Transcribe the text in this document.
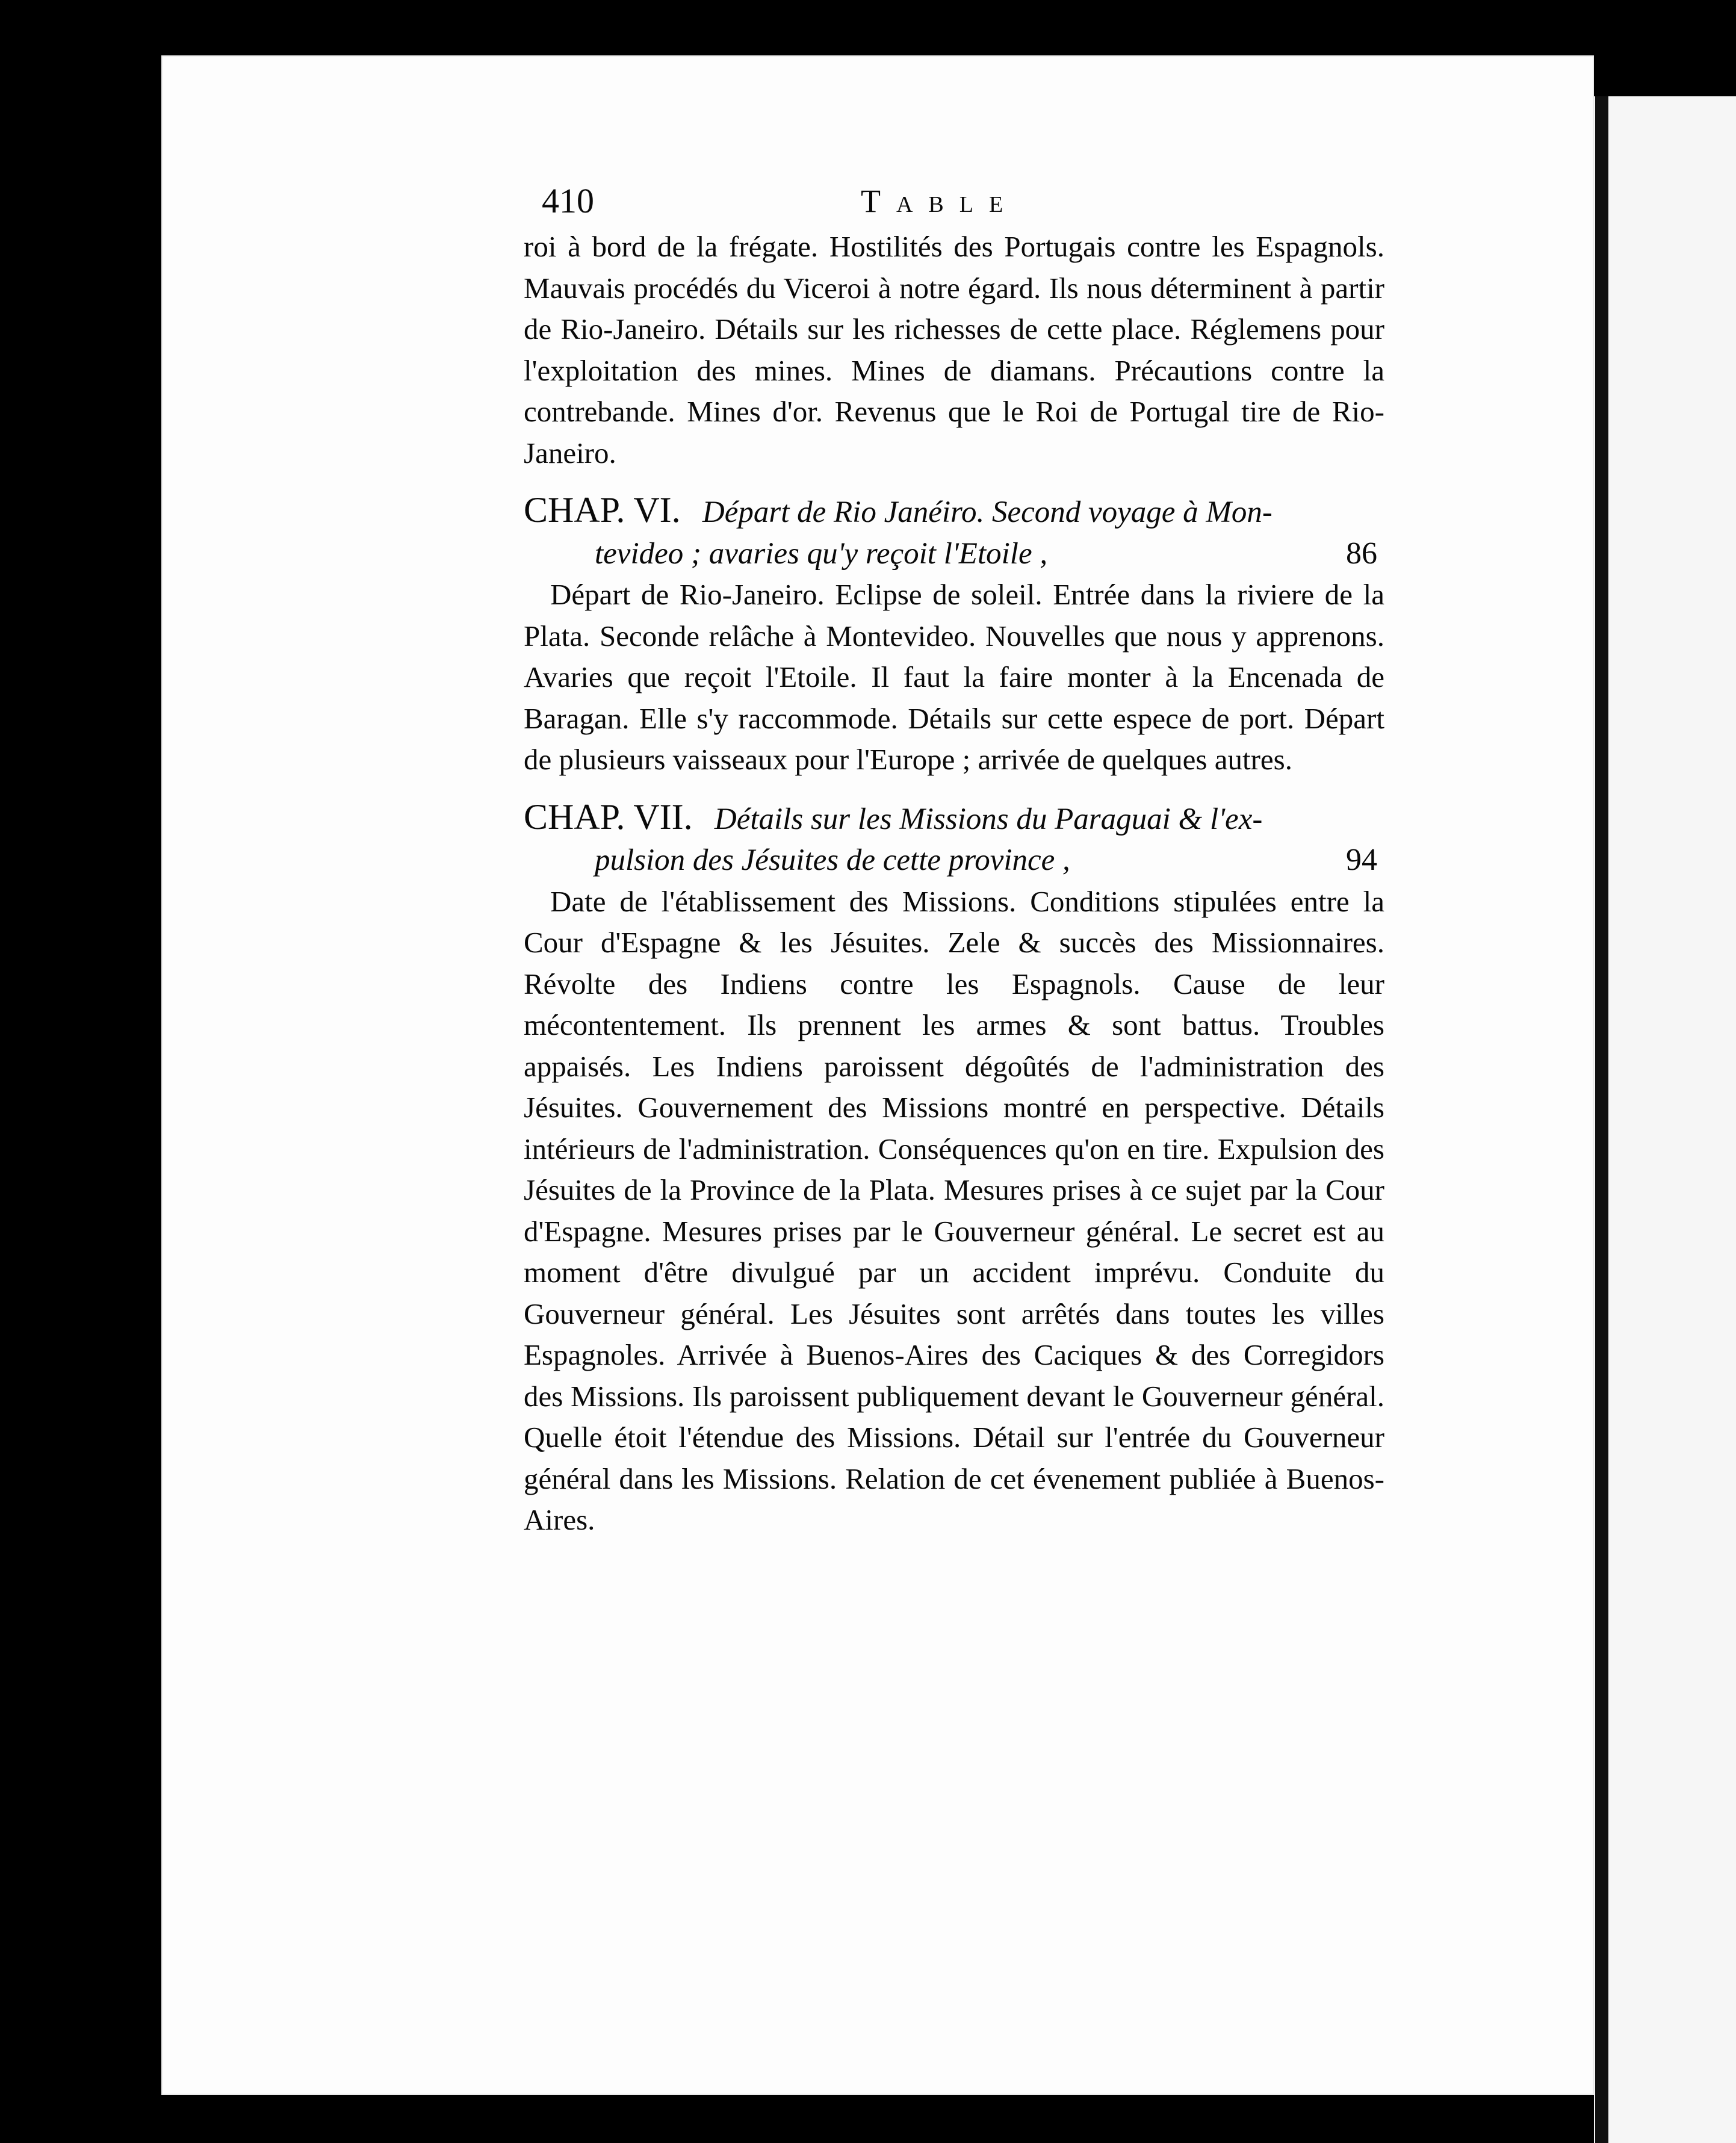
410	Table

roi à bord de la frégate. Hostilités des Portugais contre les Espagnols. Mauvais procédés du Viceroi à notre égard. Ils nous déterminent à partir de Rio-Janeiro. Détails sur les richesses de cette place. Réglemens pour l'exploitation des mines. Mines de diamans. Précautions contre la contrebande. Mines d'or. Revenus que le Roi de Portugal tire de Rio-Janeiro.

CHAP. VI. Départ de Rio Janéiro. Second voyage à Mon-

tevideo ; avaries qu'y reçoit l'Etoile ,	86

Départ de Rio-Janeiro. Eclipse de soleil. Entrée dans la riviere de la Plata. Seconde relâche à Montevideo. Nouvelles que nous y apprenons. Avaries que reçoit l'Etoile. Il faut la faire monter à la Encenada de Baragan. Elle s'y raccommode. Détails sur cette espece de port. Départ de plusieurs vaisseaux pour l'Europe ; arrivée de quelques autres.

CHAP. VII. Détails sur les Missions du Paraguai & l'ex-

pulsion des Jésuites de cette province ,	94

Date de l'établissement des Missions. Conditions stipulées entre la Cour d'Espagne & les Jésuites. Zele & succès des Missionnaires. Révolte des Indiens contre les Espagnols. Cause de leur mécontentement. Ils prennent les armes & sont battus. Troubles appaisés. Les Indiens paroissent dégoûtés de l'administration des Jésuites. Gouvernement des Missions montré en perspective. Détails intérieurs de l'administration. Conséquences qu'on en tire. Expulsion des Jésuites de la Province de la Plata. Mesures prises à ce sujet par la Cour d'Espagne. Mesures prises par le Gouverneur général. Le secret est au moment d'être divulgué par un accident imprévu. Conduite du Gouverneur général. Les Jésuites sont arrêtés dans toutes les villes Espagnoles. Arrivée à Buenos-Aires des Caciques & des Corregidors des Missions. Ils paroissent publiquement devant le Gouverneur général. Quelle étoit l'étendue des Missions. Détail sur l'entrée du Gouverneur général dans les Missions. Relation de cet évenement publiée à Buenos-Aires.
